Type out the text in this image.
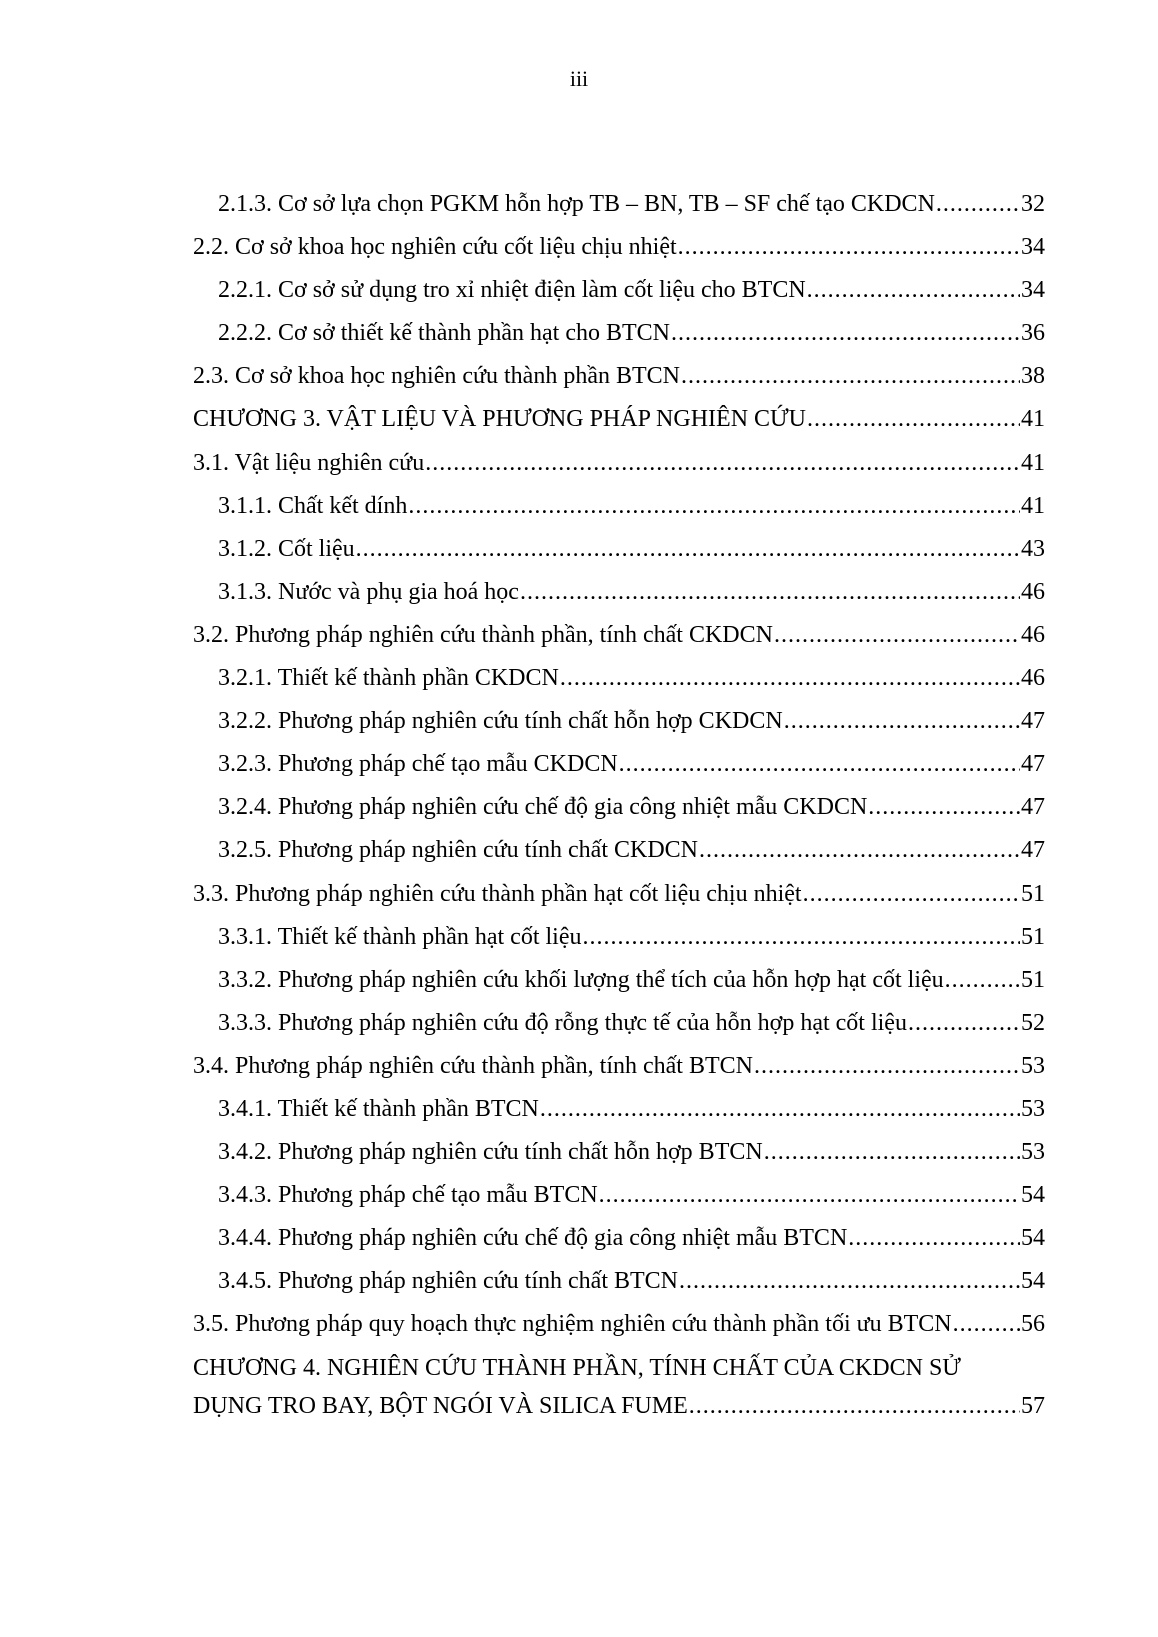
iii
2.1.3. Cơ sở lựa chọn PGKM hỗn hợp TB – BN, TB – SF chế tạo CKDCN .....	32
2.2. Cơ sở khoa học nghiên cứu cốt liệu chịu nhiệt .....	34
2.2.1. Cơ sở sử dụng tro xỉ nhiệt điện làm cốt liệu cho BTCN .....	34
2.2.2. Cơ sở thiết kế thành phần hạt cho BTCN .....	36
2.3. Cơ sở khoa học nghiên cứu thành phần BTCN .....	38
CHƯƠNG 3. VẬT LIỆU VÀ PHƯƠNG PHÁP NGHIÊN CỨU .....	41
3.1. Vật liệu nghiên cứu .....	41
3.1.1. Chất kết dính .....	41
3.1.2. Cốt liệu .....	43
3.1.3. Nước và phụ gia hoá học .....	46
3.2. Phương pháp nghiên cứu thành phần, tính chất CKDCN .....	46
3.2.1. Thiết kế thành phần CKDCN .....	46
3.2.2. Phương pháp nghiên cứu tính chất hỗn hợp CKDCN .....	47
3.2.3. Phương pháp chế tạo mẫu CKDCN .....	47
3.2.4. Phương pháp nghiên cứu chế độ gia công nhiệt mẫu CKDCN .....	47
3.2.5. Phương pháp nghiên cứu tính chất CKDCN .....	47
3.3. Phương pháp nghiên cứu thành phần hạt cốt liệu chịu nhiệt .....	51
3.3.1. Thiết kế thành phần hạt cốt liệu .....	51
3.3.2. Phương pháp nghiên cứu khối lượng thể tích của hỗn hợp hạt cốt liệu .....	51
3.3.3. Phương pháp nghiên cứu độ rỗng thực tế của hỗn hợp hạt cốt liệu .....	52
3.4. Phương pháp nghiên cứu thành phần, tính chất BTCN .....	53
3.4.1. Thiết kế thành phần BTCN .....	53
3.4.2. Phương pháp nghiên cứu tính chất hỗn hợp BTCN .....	53
3.4.3. Phương pháp chế tạo mẫu BTCN .....	54
3.4.4. Phương pháp nghiên cứu chế độ gia công nhiệt mẫu BTCN .....	54
3.4.5. Phương pháp nghiên cứu tính chất BTCN .....	54
3.5. Phương pháp quy hoạch thực nghiệm nghiên cứu thành phần tối ưu BTCN .....	56
CHƯƠNG 4. NGHIÊN CỨU THÀNH PHẦN, TÍNH CHẤT CỦA CKDCN SỬ
DỤNG TRO BAY, BỘT NGÓI VÀ SILICA FUME .....	57
